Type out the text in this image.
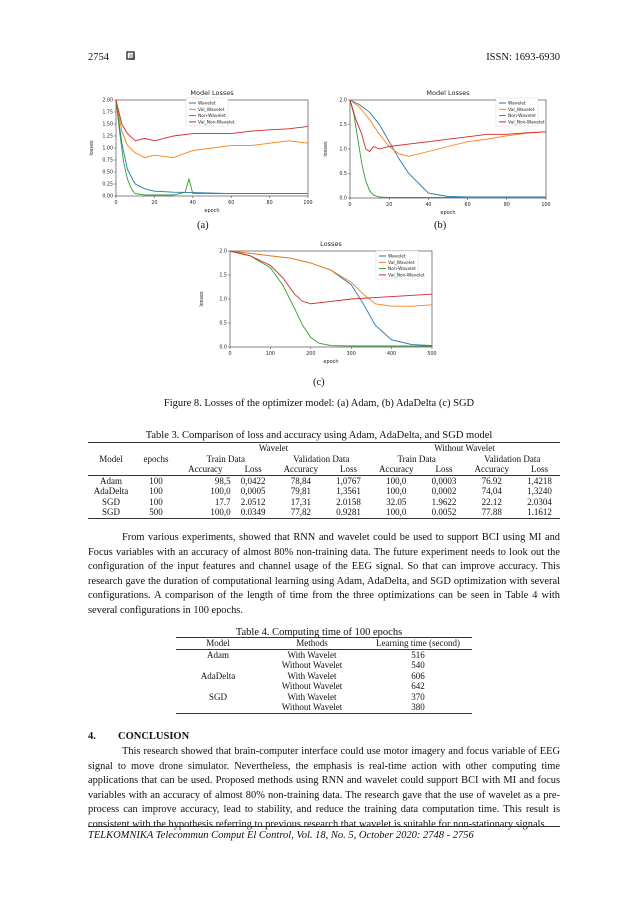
2754	ISSN: 1693-6930
Model Losses
0	20	40	60	80	100
0.00
0.25
0.50
0.75
1.00
1.25
1.50
1.75
2.00
epoch
losses
Wavelet
Val_Wavelet
Non-Wavelet
Val_Non-Wavelet
Model Losses
0	20	40	60	80	100
0.0
0.5
1.0
1.5
2.0
epoch
losses
Wavelet
Val_Wavelet
Non-Wavelet
Val_Non-Wavelet
(a)	(b)
Losses
0	100	200	300	400	500
0.0
0.5
1.0
1.5
2.0
epoch
losses
Wavelet
Val_Wavelet
Non-Wavelet
Val_Non-Wavelet
(c)
Figure 8. Losses of the optimizer model: (a) Adam, (b) AdaDelta (c) SGD
Table 3. Comparison of loss and accuracy using Adam, AdaDelta, and SGD model
		Wavelet				Without Wavelet			
Model	epochs	Train Data		Validation Data		Train Data		Validation Data	
		Accuracy	Loss	Accuracy	Loss	Accuracy	Loss	Accuracy	Loss
Adam	100	98,5	0,0422	78,84	1,0767	100,0	0,0003	76.92	1,4218
AdaDelta	100	100,0	0,0005	79,81	1,3561	100,0	0,0002	74,04	1,3240
SGD	100	17.7	2.0512	17,31	2.0158	32.05	1.9622	22.12	2.0304
SGD	500	100,0	0.0349	77,82	0.9281	100,0	0.0052	77.88	1.1612

From various experiments, showed that RNN and wavelet could be used to support BCI using MI and Focus variables with an accuracy of almost 80% non-training data. The future experiment needs to look out the configuration of the input features and channel usage of the EEG signal. So that can improve accuracy. This research gave the duration of computational learning using Adam, AdaDelta, and SGD optimization with several configurations. A comparison of the length of time from the three optimizations can be seen in Table 4 with several configurations in 100 epochs.

Table 4. Computing time of 100 epochs
Model	Methods	Learning time (second)
Adam	With Wavelet	516
	Without Wavelet	540
AdaDelta	With Wavelet	606
	Without Wavelet	642
SGD	With Wavelet	370
	Without Wavelet	380
4. CONCLUSION

This research showed that brain-computer interface could use motor imagery and focus variable of EEG signal to move drone simulator. Nevertheless, the emphasis is real-time action with other computing time applications that can be used. Proposed methods using RNN and wavelet could support BCI with MI and focus variables with an accuracy of almost 80% non-training data. The research gave that the use of wavelet as a pre-process can improve accuracy, lead to stability, and reduce the training data computation time. This result is consistent with the hypothesis referring to previous research that wavelet is suitable for non-stationary signals

TELKOMNIKA Telecommun Comput El Control, Vol. 18, No. 5, October 2020: 2748 - 2756
